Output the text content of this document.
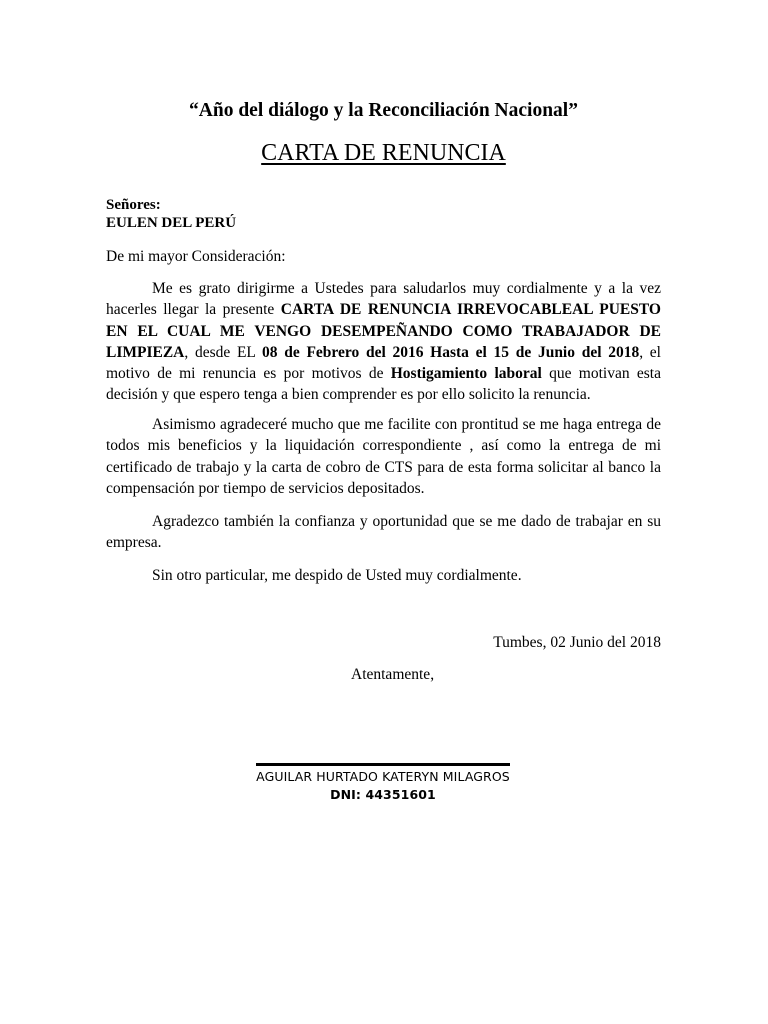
“Año del diálogo y la Reconciliación Nacional”
CARTA DE RENUNCIA
Señores:
EULEN DEL PERÚ
De mi mayor Consideración:

Me es grato dirigirme a Ustedes para saludarlos muy cordialmente y a la vez hacerles llegar la presente CARTA DE RENUNCIA IRREVOCABLEAL PUESTO EN EL CUAL ME VENGO DESEMPEÑANDO COMO TRABAJADOR DE LIMPIEZA, desde EL 08 de Febrero del 2016 Hasta el 15 de Junio del 2018, el motivo de mi renuncia es por motivos de Hostigamiento laboral que motivan esta decisión y que espero tenga a bien comprender es por ello solicito la renuncia.

Asimismo agradeceré mucho que me facilite con prontitud se me haga entrega de todos mis beneficios y la liquidación correspondiente , así como la entrega de mi certificado de trabajo y la carta de cobro de CTS para de esta forma solicitar al banco la compensación por tiempo de servicios depositados.

Agradezco también la confianza y oportunidad que se me dado de trabajar en su empresa.

Sin otro particular, me despido de Usted muy cordialmente.

Tumbes, 02 Junio del 2018
Atentamente,
AGUILAR HURTADO KATERYN MILAGROS
DNI: 44351601
